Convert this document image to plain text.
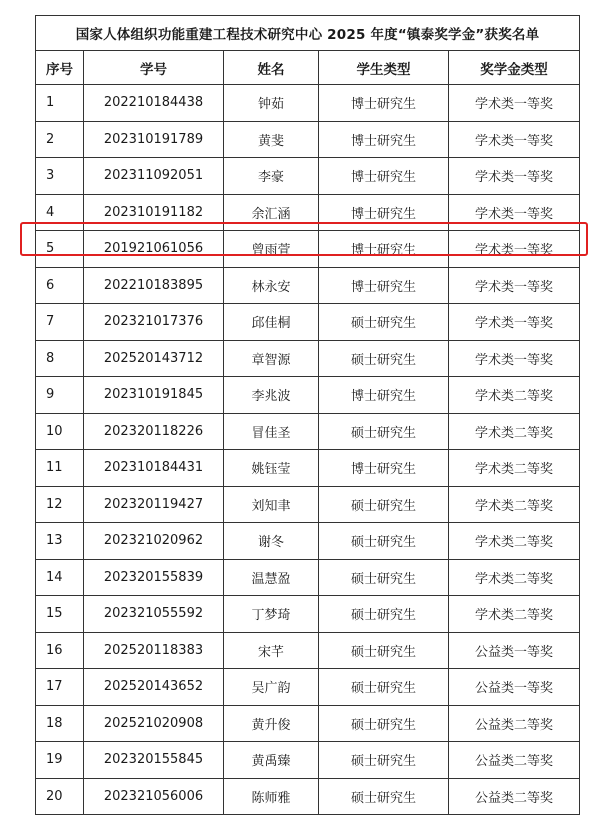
国家人体组织功能重建工程技术研究中心 2025 年度“镇泰奖学金”获奖名单				
序号	学号	姓名	学生类型	奖学金类型
1	202210184438	钟茹	博士研究生	学术类一等奖
2	202310191789	黄斐	博士研究生	学术类一等奖
3	202311092051	李豪	博士研究生	学术类一等奖
4	202310191182	余汇涵	博士研究生	学术类一等奖
5	201921061056	曾雨萱	博士研究生	学术类一等奖
6	202210183895	林永安	博士研究生	学术类一等奖
7	202321017376	邱佳桐	硕士研究生	学术类一等奖
8	202520143712	章智源	硕士研究生	学术类一等奖
9	202310191845	李兆波	博士研究生	学术类二等奖
10	202320118226	冒佳圣	硕士研究生	学术类二等奖
11	202310184431	姚钰莹	博士研究生	学术类二等奖
12	202320119427	刘知聿	硕士研究生	学术类二等奖
13	202321020962	谢冬	硕士研究生	学术类二等奖
14	202320155839	温慧盈	硕士研究生	学术类二等奖
15	202321055592	丁梦琦	硕士研究生	学术类二等奖
16	202520118383	宋芊	硕士研究生	公益类一等奖
17	202520143652	吴广韵	硕士研究生	公益类一等奖
18	202521020908	黄升俊	硕士研究生	公益类二等奖
19	202320155845	黄禹臻	硕士研究生	公益类二等奖
20	202321056006	陈师雅	硕士研究生	公益类二等奖
